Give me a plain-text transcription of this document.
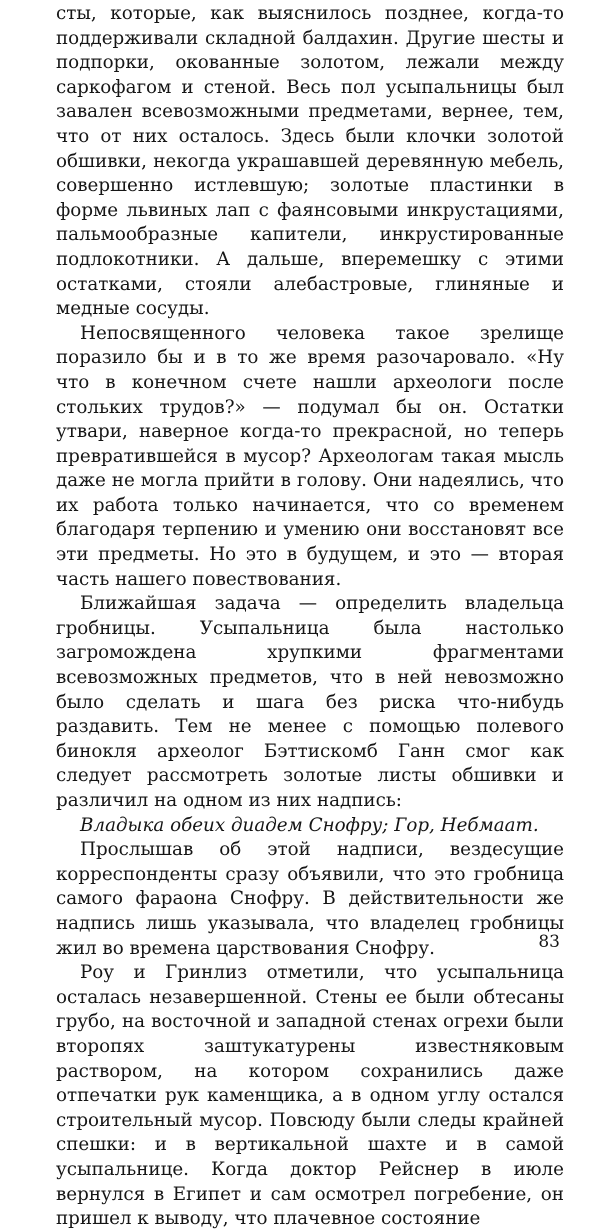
сты, которые, как выяснилось позднее, когда-то поддерживали складной балдахин. Другие шесты и подпорки, окованные золотом, лежали между саркофагом и стеной. Весь пол усыпальницы был завален всевозможными предметами, вернее, тем, что от них осталось. Здесь были клочки золотой обшивки, некогда украшавшей деревянную мебель, совершенно истлевшую; золотые пластинки в форме львиных лап с фаянсовыми инкрустациями, пальмообразные капители, инкрустированные подлокотники. А дальше, вперемешку с этими остатками, стояли алебастровые, глиняные и медные сосуды.

Непосвященного человека такое зрелище поразило бы и в то же время разочаровало. «Ну что в конечном счете нашли археологи после стольких трудов?» — подумал бы он. Остатки утвари, наверное когда-то прекрасной, но теперь превратившейся в мусор? Археологам такая мысль даже не могла прийти в голову. Они надеялись, что их работа только начинается, что со временем благодаря терпению и умению они восстановят все эти предметы. Но это в будущем, и это — вторая часть нашего повествования.

Ближайшая задача — определить владельца гробницы. Усыпальница была настолько загромождена хрупкими фрагментами всевозможных предметов, что в ней невозможно было сделать и шага без риска что-нибудь раздавить. Тем не менее с помощью полевого бинокля археолог Бэттискомб Ганн смог как следует рассмотреть золотые листы обшивки и различил на одном из них надпись:

Владыка обеих диадем Снофру; Гор, Небмаат.

Прослышав об этой надписи, вездесущие корреспонденты сразу объявили, что это гробница самого фараона Снофру. В действительности же надпись лишь указывала, что владелец гробницы жил во времена царствования Снофру.

Роу и Гринлиз отметили, что усыпальница осталась незавершенной. Стены ее были обтесаны грубо, на восточной и западной стенах огрехи были второпях заштукатурены известняковым раствором, на котором сохранились даже отпечатки рук каменщика, а в одном углу остался строительный мусор. Повсюду были следы крайней спешки: и в вертикальной шахте и в самой усыпальнице. Когда доктор Рейснер в июле вернулся в Египет и сам осмотрел погребение, он пришел к выводу, что плачевное состояние

83
